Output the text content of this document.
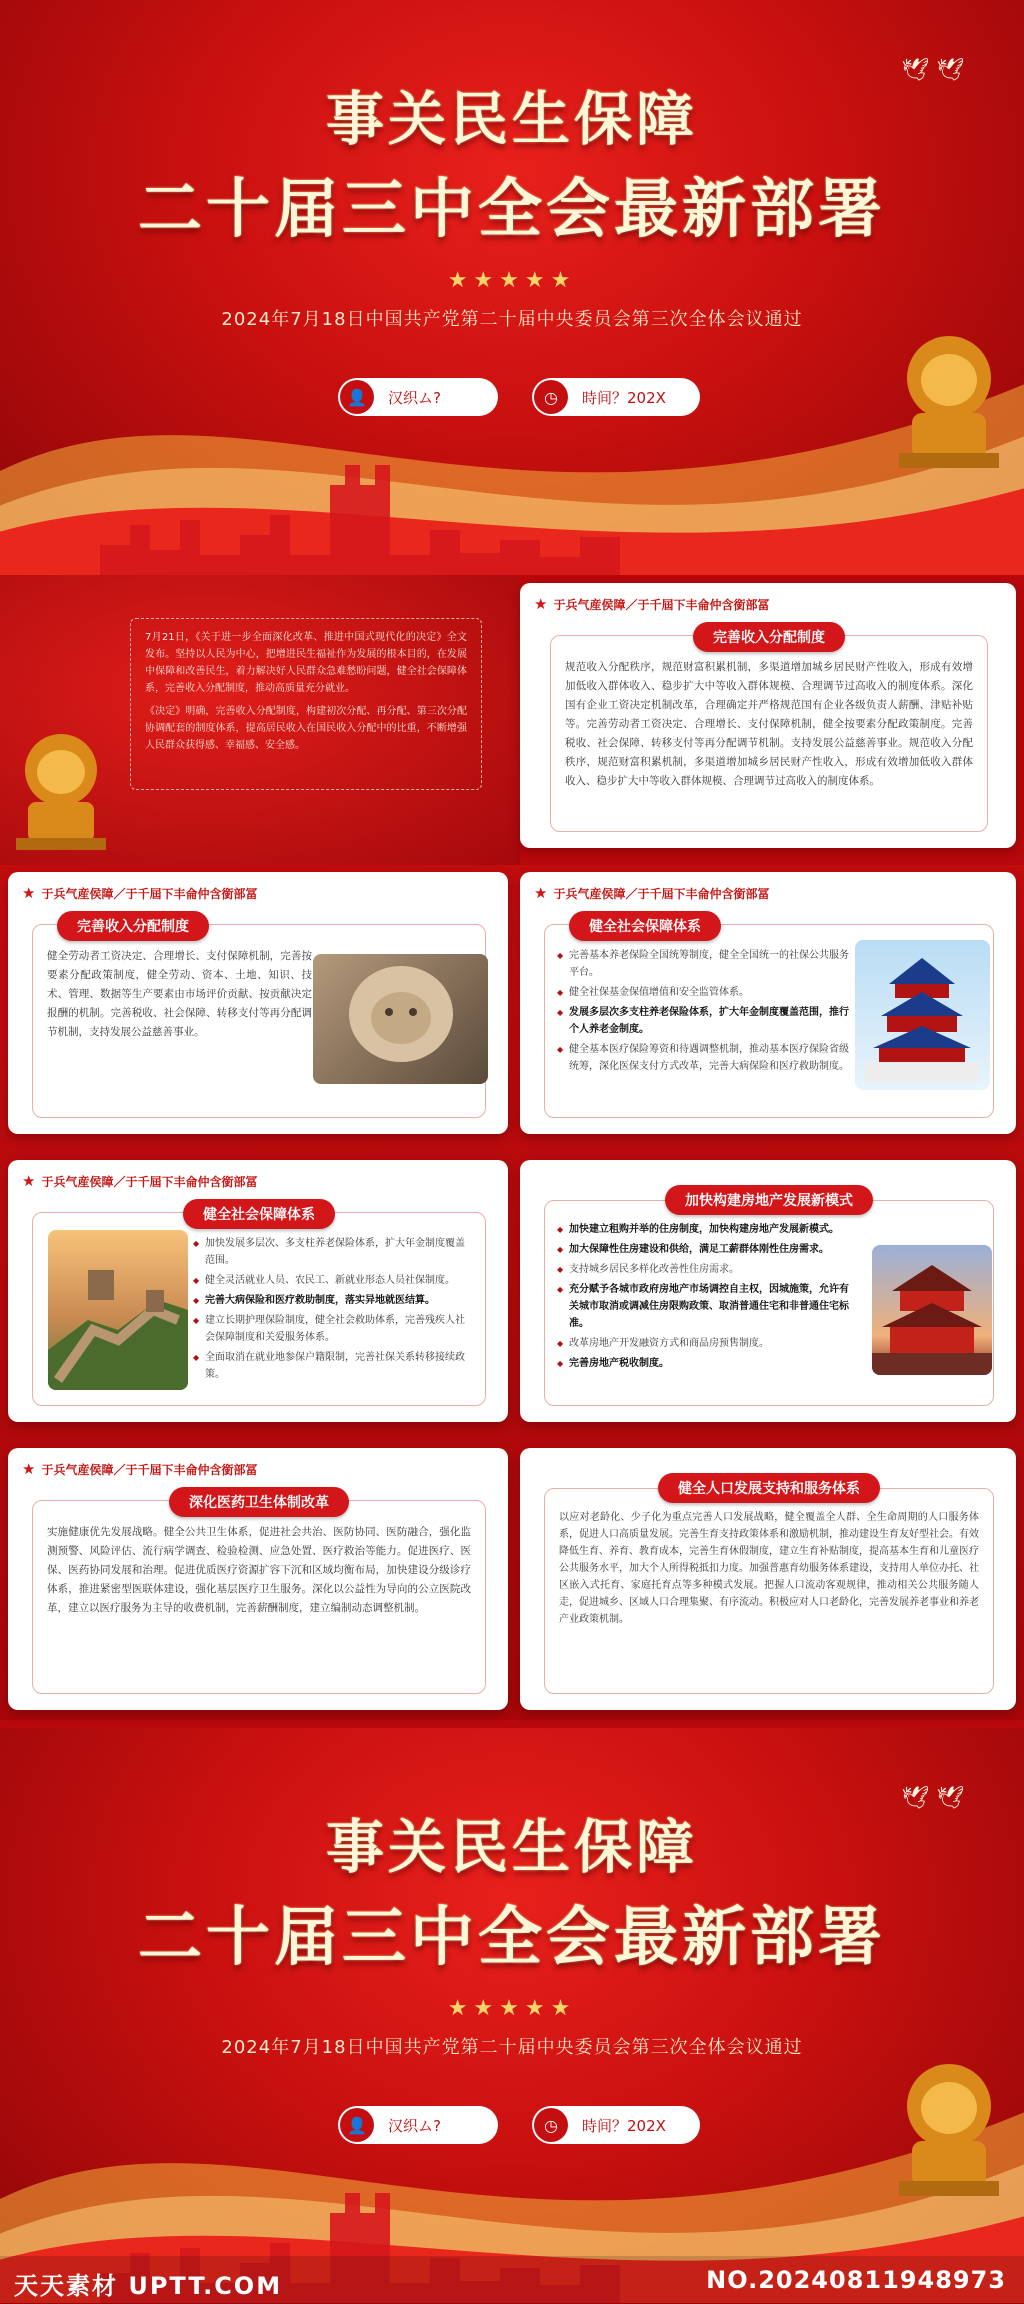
事关民生保障
二十届三中全会最新部署
★★★★★
2024年7月18日中国共产党第二十届中央委员会第三次全体会议通过
👤	汉织ム?	◷	時间？202X
🕊 🕊
7月21日，《关于进一步全面深化改革、推进中国式现代化的决定》全文发布。坚持以人民为中心，把增进民生福祉作为发展的根本目的，在发展中保障和改善民生，着力解决好人民群众急难愁盼问题，健全社会保障体系，完善收入分配制度，推动高质量充分就业。
《决定》明确，完善收入分配制度，构建初次分配、再分配、第三次分配协调配套的制度体系，提高居民收入在国民收入分配中的比重，不断增强人民群众获得感、幸福感、安全感。
★ 于兵气産侯障／于千屆下丰侖仲含銜部冨
完善收入分配制度
规范收入分配秩序，规范财富积累机制，多渠道增加城乡居民财产性收入，形成有效增加低收入群体收入、稳步扩大中等收入群体规模、合理调节过高收入的制度体系。深化国有企业工资决定机制改革，合理确定并严格规范国有企业各级负责人薪酬、津贴补贴等。完善劳动者工资决定、合理增长、支付保障机制，健全按要素分配政策制度。完善税收、社会保障、转移支付等再分配调节机制。支持发展公益慈善事业。规范收入分配秩序，规范财富积累机制，多渠道增加城乡居民财产性收入，形成有效增加低收入群体收入、稳步扩大中等收入群体规模、合理调节过高收入的制度体系。
★ 于兵气産侯障／于千屆下丰侖仲含銜部冨
完善收入分配制度
健全劳动者工资决定、合理增长、支付保障机制，完善按要素分配政策制度，健全劳动、资本、土地、知识、技术、管理、数据等生产要素由市场评价贡献、按贡献决定报酬的机制。完善税收、社会保障、转移支付等再分配调节机制，支持发展公益慈善事业。
★ 于兵气産侯障／于千屆下丰侖仲含銜部冨
健全社会保障体系
◆ 完善基本养老保险全国统筹制度，健全全国统一的社保公共服务平台。
◆ 健全社保基金保值增值和安全监管体系。
◆ 发展多层次多支柱养老保险体系，扩大年金制度覆盖范围，推行个人养老金制度。
◆ 健全基本医疗保险筹资和待遇调整机制，推动基本医疗保险省级统筹，深化医保支付方式改革，完善大病保险和医疗救助制度。
★ 于兵气産侯障／于千屆下丰侖仲含銜部冨
健全社会保障体系
◆ 加快发展多层次、多支柱养老保险体系，扩大年金制度覆盖范围。
◆ 健全灵活就业人员、农民工、新就业形态人员社保制度。
◆ 完善大病保险和医疗救助制度，落实异地就医结算。
◆ 建立长期护理保险制度，健全社会救助体系，完善残疾人社会保障制度和关爱服务体系。
◆ 全面取消在就业地参保户籍限制，完善社保关系转移接续政策。
加快构建房地产发展新模式
◆ 加快建立租购并举的住房制度，加快构建房地产发展新模式。
◆ 加大保障性住房建设和供给，满足工薪群体刚性住房需求。
◆ 支持城乡居民多样化改善性住房需求。
◆ 充分赋予各城市政府房地产市场调控自主权，因城施策，允许有关城市取消或调减住房限购政策、取消普通住宅和非普通住宅标准。
◆ 改革房地产开发融资方式和商品房预售制度。
◆ 完善房地产税收制度。
★ 于兵气産侯障／于千屆下丰侖仲含銜部冨
深化医药卫生体制改革
实施健康优先发展战略。健全公共卫生体系，促进社会共治、医防协同、医防融合，强化监测预警、风险评估、流行病学调查、检验检测、应急处置、医疗救治等能力。促进医疗、医保、医药协同发展和治理。促进优质医疗资源扩容下沉和区域均衡布局，加快建设分级诊疗体系，推进紧密型医联体建设，强化基层医疗卫生服务。深化以公益性为导向的公立医院改革，建立以医疗服务为主导的收费机制，完善薪酬制度，建立编制动态调整机制。
健全人口发展支持和服务体系
以应对老龄化、少子化为重点完善人口发展战略，健全覆盖全人群、全生命周期的人口服务体系，促进人口高质量发展。完善生育支持政策体系和激励机制，推动建设生育友好型社会。有效降低生育、养育、教育成本，完善生育休假制度，建立生育补贴制度，提高基本生育和儿童医疗公共服务水平，加大个人所得税抵扣力度。加强普惠育幼服务体系建设，支持用人单位办托、社区嵌入式托育、家庭托育点等多种模式发展。把握人口流动客观规律，推动相关公共服务随人走，促进城乡、区域人口合理集聚、有序流动。积极应对人口老龄化，完善发展养老事业和养老产业政策机制。
事关民生保障
二十届三中全会最新部署
★★★★★
2024年7月18日中国共产党第二十届中央委员会第三次全体会议通过
👤	汉织ム?	◷	時间？202X
🕊 🕊
天天素材 UPTT.COM	NO.20240811948973
